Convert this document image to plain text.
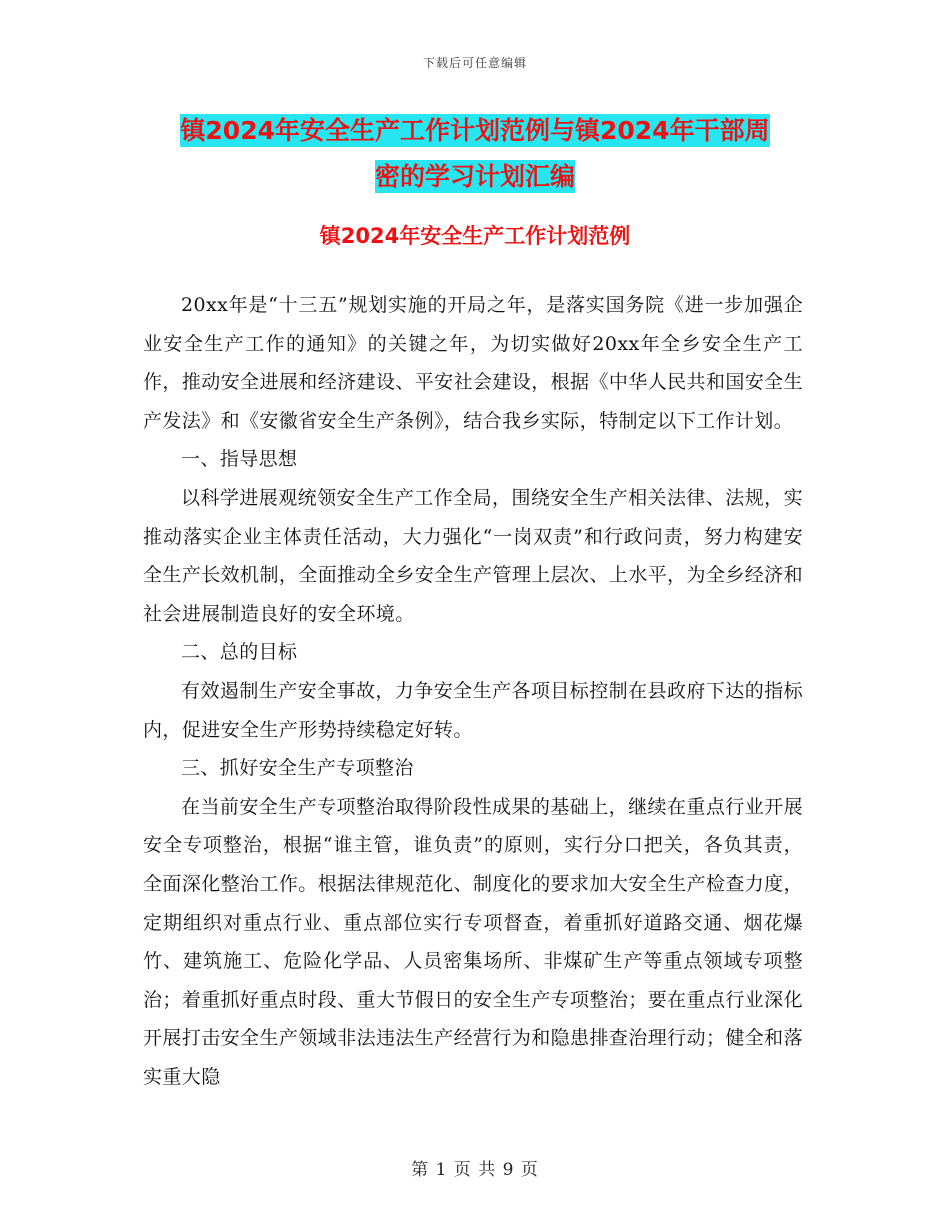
下载后可任意编辑
镇2024年安全生产工作计划范例与镇2024年干部周
密的学习计划汇编
镇2024年安全生产工作计划范例

20xx年是“十三五”规划实施的开局之年，是落实国务院《进一步加强企业安全生产工作的通知》的关键之年，为切实做好20xx年全乡安全生产工作，推动安全进展和经济建设、平安社会建设，根据《中华人民共和国安全生产发法》和《安徽省安全生产条例》，结合我乡实际，特制定以下工作计划。

一、指导思想

以科学进展观统领安全生产工作全局，围绕安全生产相关法律、法规，实推动落实企业主体责任活动，大力强化“一岗双责”和行政问责，努力构建安全生产长效机制，全面推动全乡安全生产管理上层次、上水平，为全乡经济和社会进展制造良好的安全环境。

二、总的目标

有效遏制生产安全事故，力争安全生产各项目标控制在县政府下达的指标内，促进安全生产形势持续稳定好转。

三、抓好安全生产专项整治

在当前安全生产专项整治取得阶段性成果的基础上，继续在重点行业开展安全专项整治，根据“谁主管，谁负责”的原则，实行分口把关，各负其责，全面深化整治工作。根据法律规范化、制度化的要求加大安全生产检查力度，定期组织对重点行业、重点部位实行专项督查，着重抓好道路交通、烟花爆竹、建筑施工、危险化学品、人员密集场所、非煤矿生产等重点领域专项整治；着重抓好重点时段、重大节假日的安全生产专项整治；要在重点行业深化开展打击安全生产领域非法违法生产经营行为和隐患排查治理行动；健全和落实重大隐

第 1 页 共 9 页
